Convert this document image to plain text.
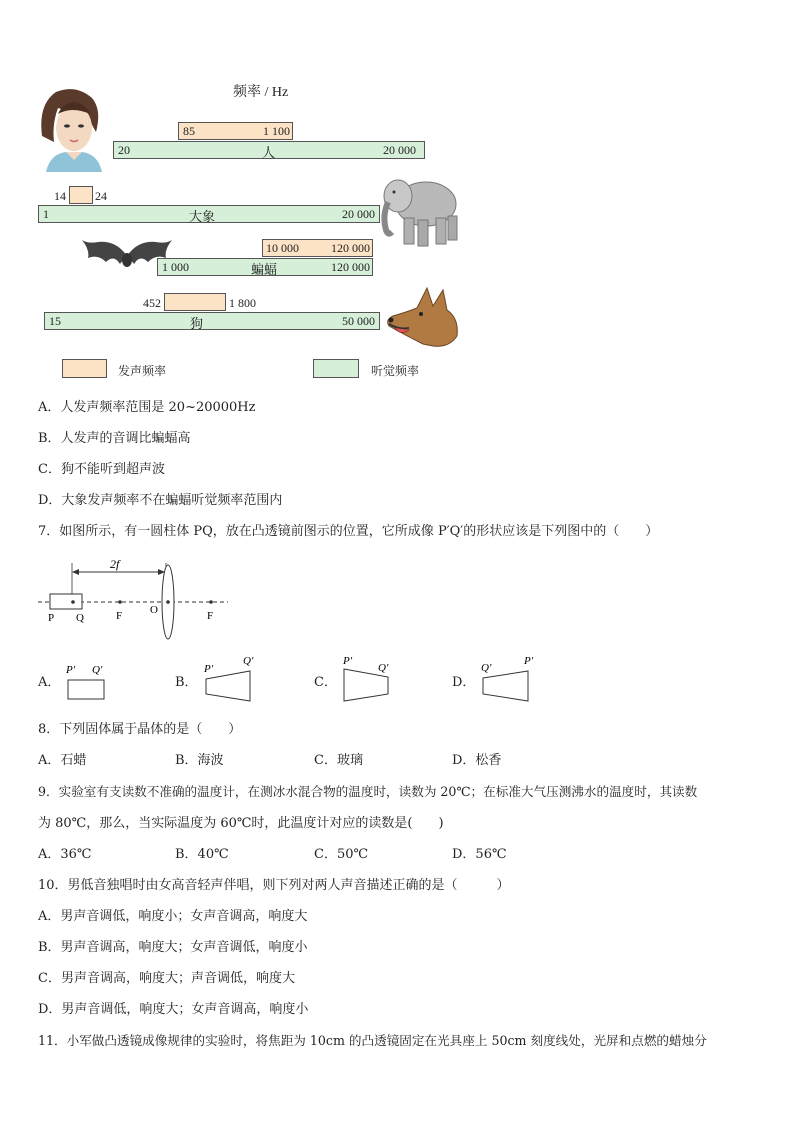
频率 / Hz
85	1 100
20	人	20 000
14 24
1	大象	20 000
10 000	120 000
1 000	蝙蝠	120 000
452	1 800
15	狗	50 000
发声频率	听觉频率
A．人发声频率范围是 20~20000Hz
B．人发声的音调比蝙蝠高
C．狗不能听到超声波
D．大象发声频率不在蝙蝠听觉频率范围内
7．如图所示，有一圆柱体 PQ，放在凸透镜前图示的位置，它所成像 P′Q′的形状应该是下列图中的（　　）
2f
P Q	F	O	F
A．
P′ Q′
B．
P′
Q′
C．
P′
Q′
D．
Q′
P′
8．下列固体属于晶体的是（　　）
A．石蜡	B．海波	C．玻璃	D．松香
9．实验室有支读数不准确的温度计，在测冰水混合物的温度时，读数为 20℃；在标准大气压测沸水的温度时，其读数
为 80℃，那么，当实际温度为 60℃时，此温度计对应的读数是(　　)
A．36℃	B．40℃	C．50℃	D．56℃
10．男低音独唱时由女高音轻声伴唱，则下列对两人声音描述正确的是（　　　）
A．男声音调低，响度小；女声音调高，响度大
B．男声音调高，响度大；女声音调低，响度小
C．男声音调高，响度大；声音调低，响度大
D．男声音调低，响度大；女声音调高，响度小
11．小军做凸透镜成像规律的实验时，将焦距为 10cm 的凸透镜固定在光具座上 50cm 刻度线处，光屏和点燃的蜡烛分
